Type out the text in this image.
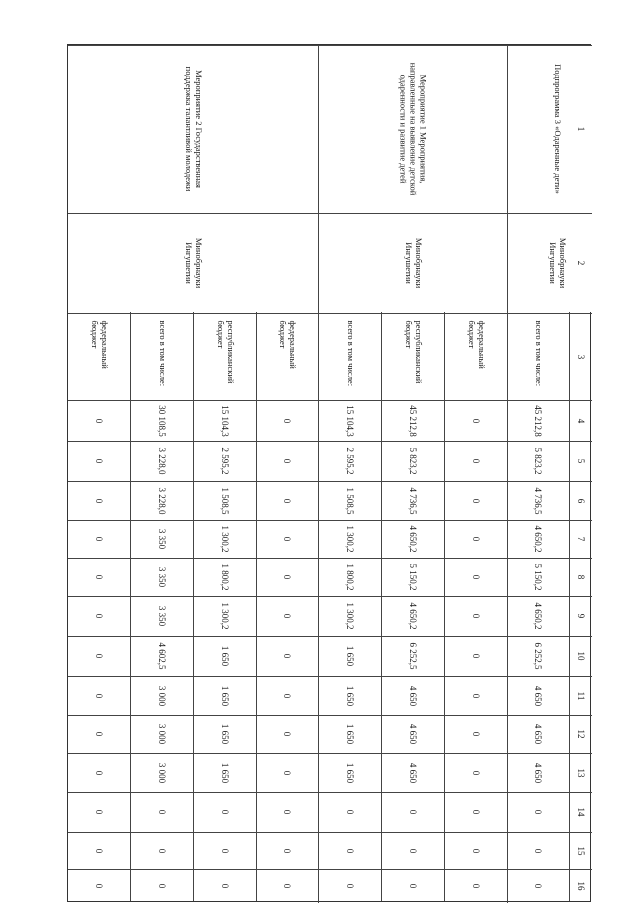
1
2
3
4
5
6
7
8
9
10
11
12
13
14
15
16
Подпрограмма 3 «Одаренные дети»
Минобрнауки Ингушетии
Мероприятие 1 Мероприятия, направленные на выявление детской одаренности и развитие детей
Минобрнауки Ингушетии
Мероприятие 2 Государственная поддержка талантливой молодежи
Минобрнауки Ингушетии
всего в том числе:
45 212,8
5 823,2
4 736,5
4 650,2
5 150,2
4 650,2
6 252,5
4 650
4 650
4 650
0
0
0
федеральный бюджет
0
0
0
0
0
0
0
0
0
0
0
0
0
республиканский бюджет
45 212,8
5 823,2
4 736,5
4 650,2
5 150,2
4 650,2
6 252,5
4 650
4 650
4 650
0
0
0
всего в том числе:
15 104,3
2 595,2
1 508,5
1 300,2
1 800,2
1 300,2
1 650
1 650
1 650
1 650
0
0
0
федеральный бюджет
0
0
0
0
0
0
0
0
0
0
0
0
0
республиканский бюджет
15 104,3
2 595,2
1 508,5
1 300,2
1 800,2
1 300,2
1 650
1 650
1 650
1 650
0
0
0
всего в том числе:
30 108,5
3 228,0
3 228,0
3 350
3 350
3 350
4 602,5
3 000
3 000
3 000
0
0
0
федеральный бюджет
0
0
0
0
0
0
0
0
0
0
0
0
0
